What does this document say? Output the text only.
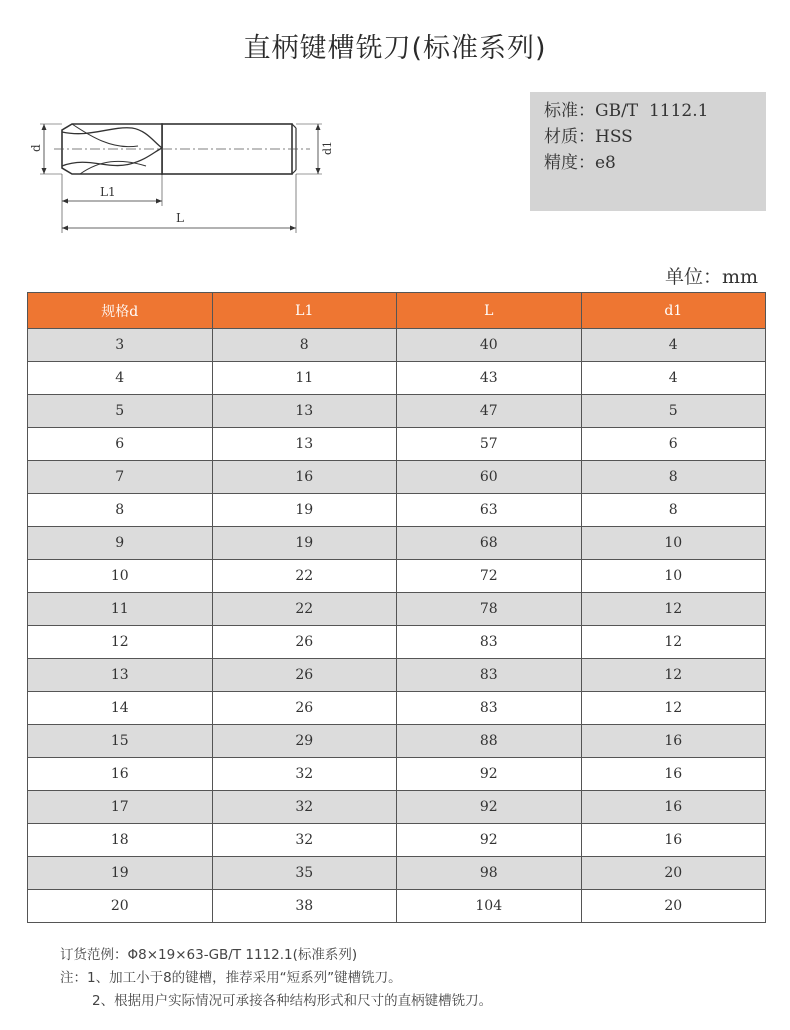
直柄键槽铣刀(标准系列)
d	d1
L1
L
标准：GB/T  1112.1
材质：HSS
精度：e8
单位：mm
规格d	L1	L	d1
3	8	40	4
4	11	43	4
5	13	47	5
6	13	57	6
7	16	60	8
8	19	63	8
9	19	68	10
10	22	72	10
11	22	78	12
12	26	83	12
13	26	83	12
14	26	83	12
15	29	88	16
16	32	92	16
17	32	92	16
18	32	92	16
19	35	98	20
20	38	104	20
订货范例：Φ8×19×63-GB/T 1112.1(标准系列)
注：1、加工小于8的键槽，推荐采用“短系列”键槽铣刀。
2、根据用户实际情况可承接各种结构形式和尺寸的直柄键槽铣刀。
